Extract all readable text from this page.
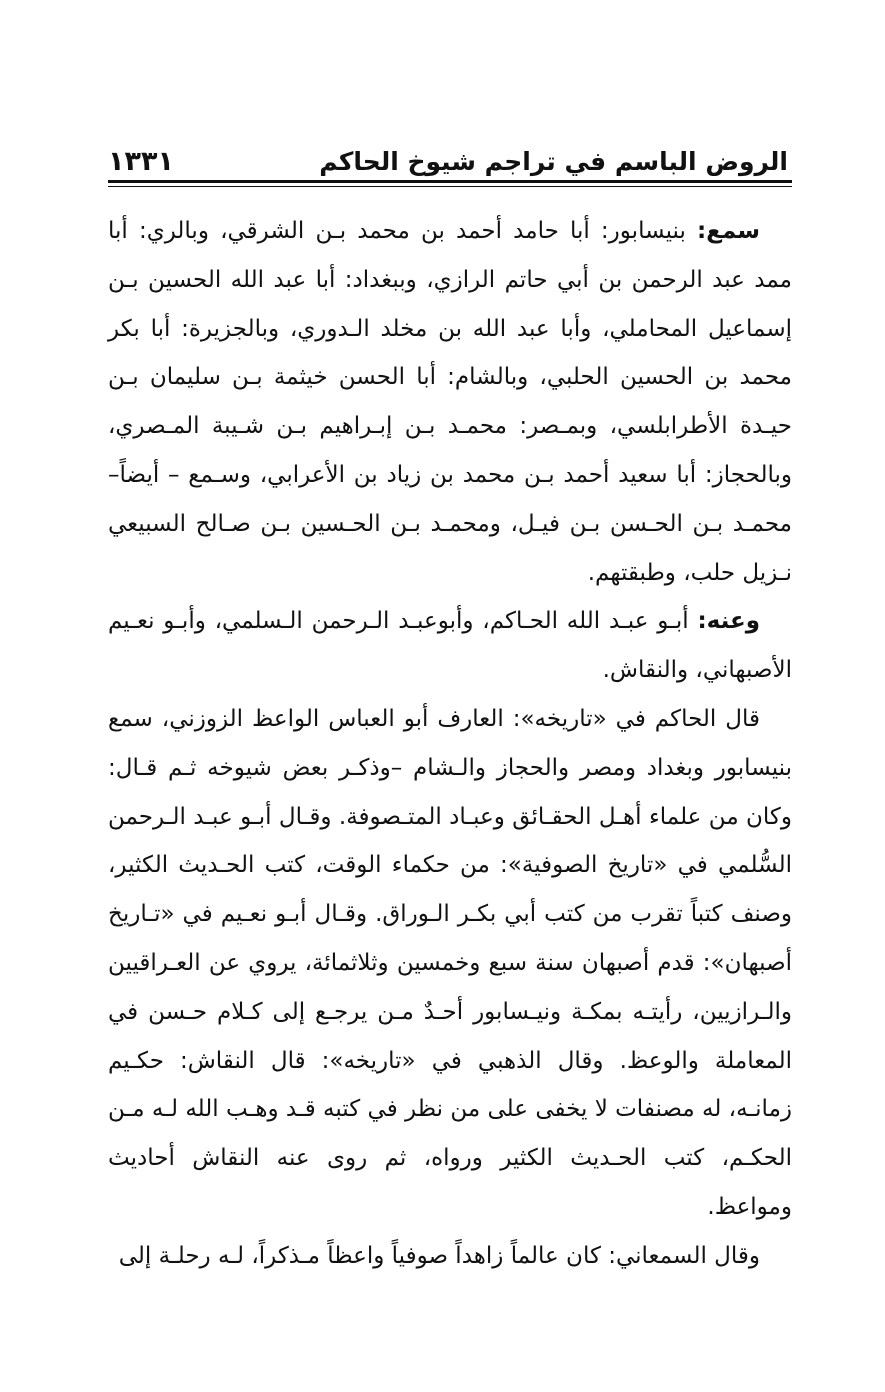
الروض الباسم في تراجم شيوخ الحاكم
١٣٣١

سمع: بنيسابور: أبا حامد أحمد بن محمد بـن الشرقي، وبالري: أبا ممد عبد الرحمن بن أبي حاتم الرازي، وببغداد: أبا عبد الله الحسين بـن إسماعيل المحاملي، وأبا عبد الله بن مخلد الـدوري، وبالجزيرة: أبا بكر محمد بن الحسين الحلبي، وبالشام: أبا الحسن خيثمة بـن سليمان بـن حيـدة الأطرابلسي، وبمـصر: محمـد بـن إبـراهيم بـن شـيبة المـصري، وبالحجاز: أبا سعيد أحمد بـن محمد بن زياد بن الأعرابي، وسـمع – أيضاً– محمـد بـن الحـسن بـن فيـل، ومحمـد بـن الحـسين بـن صـالح السبيعي نـزيل حلب، وطبقتهم.

وعنه: أبـو عبـد الله الحـاكم، وأبوعبـد الـرحمن الـسلمي، وأبـو نعـيم الأصبهاني، والنقاش.

قال الحاكم في «تاريخه»: العارف أبو العباس الواعظ الزوزني، سمع بنيسابور وبغداد ومصر والحجاز والـشام –وذكـر بعض شيوخه ثـم قـال: وكان من علماء أهـل الحقـائق وعبـاد المتـصوفة. وقـال أبـو عبـد الـرحمن السُّلمي في «تاريخ الصوفية»: من حكماء الوقت، كتب الحـديث الكثير، وصنف كتباً تقرب من كتب أبي بكـر الـوراق. وقـال أبـو نعـيم في «تـاريخ أصبهان»: قدم أصبهان سنة سبع وخمسين وثلاثمائة، يروي عن العـراقيين والـرازيين، رأيتـه بمكـة ونيـسابور أحـدٌ مـن يرجـع إلى كـلام حـسن في المعاملة والوعظ. وقال الذهبي في «تاريخه»: قال النقاش: حكـيم زمانـه، له مصنفات لا يخفى على من نظر في كتبه قـد وهـب الله لـه مـن الحكـم، كتب الحـديث الكثير ورواه، ثم روى عنه النقاش أحاديث ومواعظ.

وقال السمعاني: كان عالماً زاهداً صوفياً واعظاً مـذكراً، لـه رحلـة إلى
